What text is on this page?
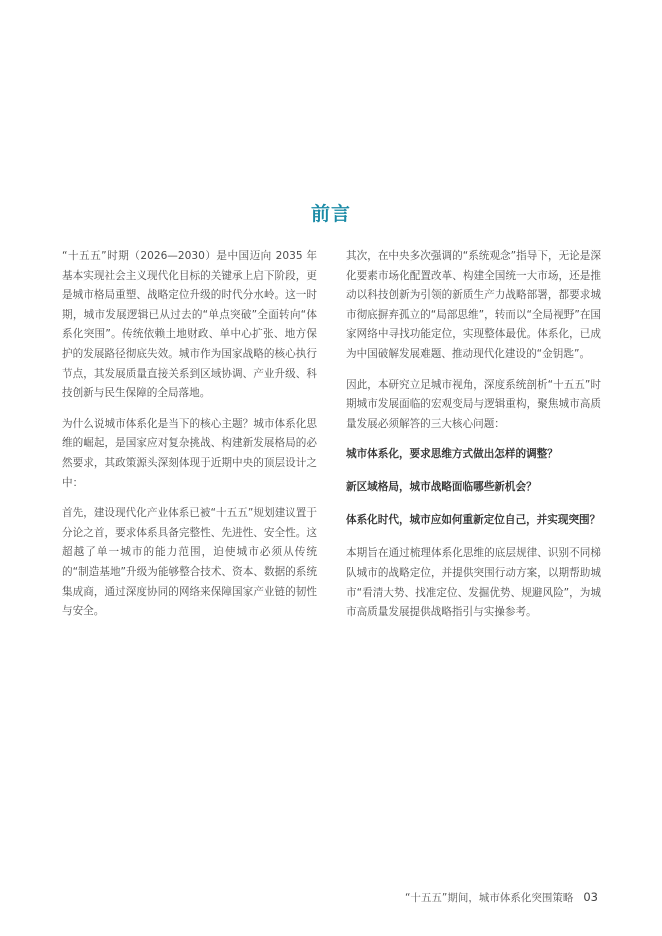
前言

“十五五”时期（2026—2030）是中国迈向 2035 年基本实现社会主义现代化目标的关键承上启下阶段，更是城市格局重塑、战略定位升级的时代分水岭。这一时期，城市发展逻辑已从过去的“单点突破”全面转向“体系化突围”。传统依赖土地财政、单中心扩张、地方保护的发展路径彻底失效。城市作为国家战略的核心执行节点，其发展质量直接关系到区域协调、产业升级、科技创新与民生保障的全局落地。

为什么说城市体系化是当下的核心主题？城市体系化思维的崛起，是国家应对复杂挑战、构建新发展格局的必然要求，其政策源头深刻体现于近期中央的顶层设计之中：

首先，建设现代化产业体系已被“十五五”规划建议置于分论之首，要求体系具备完整性、先进性、安全性。这超越了单一城市的能力范围，迫使城市必须从传统的“制造基地”升级为能够整合技术、资本、数据的系统集成商，通过深度协同的网络来保障国家产业链的韧性与安全。

其次，在中央多次强调的“系统观念”指导下，无论是深化要素市场化配置改革、构建全国统一大市场，还是推动以科技创新为引领的新质生产力战略部署，都要求城市彻底摒弃孤立的“局部思维”，转而以“全局视野”在国家网络中寻找功能定位，实现整体最优。体系化，已成为中国破解发展难题、推动现代化建设的“金钥匙”。

因此，本研究立足城市视角，深度系统剖析“十五五”时期城市发展面临的宏观变局与逻辑重构，聚焦城市高质量发展必须解答的三大核心问题：

城市体系化，要求思维方式做出怎样的调整？

新区域格局，城市战略面临哪些新机会？

体系化时代，城市应如何重新定位自己，并实现突围？

本期旨在通过梳理体系化思维的底层规律、识别不同梯队城市的战略定位，并提供突围行动方案，以期帮助城市“看清大势、找准定位、发掘优势、规避风险”，为城市高质量发展提供战略指引与实操参考。

“十五五”期间，城市体系化突围策略 03
